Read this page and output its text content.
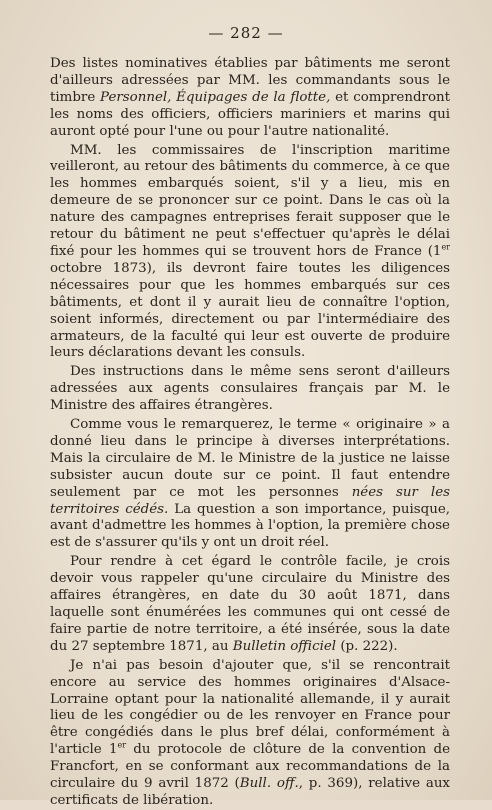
— 282 —

Des listes nominatives établies par bâtiments me seront d'ailleurs adressées par MM. les commandants sous le timbre Personnel, Équipages de la flotte, et comprendront les noms des officiers, officiers mariniers et marins qui auront opté pour l'une ou pour l'autre nationalité.

MM. les commissaires de l'inscription maritime veilleront, au retour des bâtiments du commerce, à ce que les hommes embarqués soient, s'il y a lieu, mis en demeure de se prononcer sur ce point. Dans le cas où la nature des campagnes entreprises ferait supposer que le retour du bâtiment ne peut s'effectuer qu'après le délai fixé pour les hommes qui se trouvent hors de France (1er octobre 1873), ils devront faire toutes les diligences nécessaires pour que les hommes embarqués sur ces bâtiments, et dont il y aurait lieu de connaître l'option, soient informés, directement ou par l'intermédiaire des armateurs, de la faculté qui leur est ouverte de produire leurs déclarations devant les consuls.

Des instructions dans le même sens seront d'ailleurs adressées aux agents consulaires français par M. le Ministre des affaires étrangères.

Comme vous le remarquerez, le terme « originaire » a donné lieu dans le principe à diverses interprétations. Mais la circulaire de M. le Ministre de la justice ne laisse subsister aucun doute sur ce point. Il faut entendre seulement par ce mot les personnes nées sur les territoires cédés. La question a son importance, puisque, avant d'admettre les hommes à l'option, la première chose est de s'assurer qu'ils y ont un droit réel.

Pour rendre à cet égard le contrôle facile, je crois devoir vous rappeler qu'une circulaire du Ministre des affaires étrangères, en date du 30 août 1871, dans laquelle sont énumérées les communes qui ont cessé de faire partie de notre territoire, a été insérée, sous la date du 27 septembre 1871, au Bulletin officiel (p. 222).

Je n'ai pas besoin d'ajouter que, s'il se rencontrait encore au service des hommes originaires d'Alsace-Lorraine optant pour la nationalité allemande, il y aurait lieu de les congédier ou de les renvoyer en France pour être congédiés dans le plus bref délai, conformément à l'article 1er du protocole de clôture de la convention de Francfort, en se conformant aux recommandations de la circulaire du 9 avril 1872 (Bull. off., p. 369), relative aux certificats de libération.
